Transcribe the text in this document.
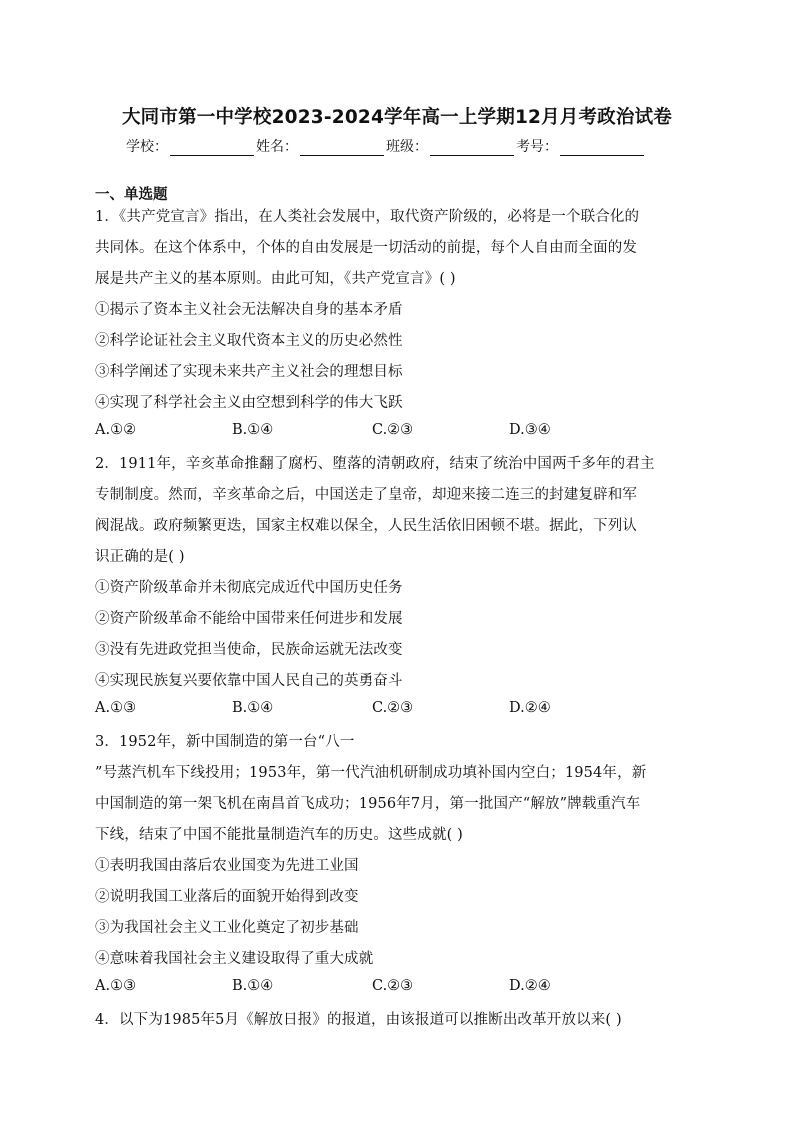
大同市第一中学校2023-2024学年高一上学期12月月考政治试卷
学校：	姓名：	班级：	考号：
一、单选题
1．《共产党宣言》指出，在人类社会发展中，取代资产阶级的，必将是一个联合化的
共同体。在这个体系中，个体的自由发展是一切活动的前提，每个人自由而全面的发
展是共产主义的基本原则。由此可知，《共产党宣言》( )
①揭示了资本主义社会无法解决自身的基本矛盾
②科学论证社会主义取代资本主义的历史必然性
③科学阐述了实现未来共产主义社会的理想目标
④实现了科学社会主义由空想到科学的伟大飞跃
A.①②	B.①④	C.②③	D.③④
2．1911年，辛亥革命推翻了腐朽、堕落的清朝政府，结束了统治中国两千多年的君主
专制制度。然而，辛亥革命之后，中国送走了皇帝，却迎来接二连三的封建复辟和军
阀混战。政府频繁更迭，国家主权难以保全，人民生活依旧困顿不堪。据此，下列认
识正确的是( )
①资产阶级革命并未彻底完成近代中国历史任务
②资产阶级革命不能给中国带来任何进步和发展
③没有先进政党担当使命，民族命运就无法改变
④实现民族复兴要依靠中国人民自己的英勇奋斗
A.①③	B.①④	C.②③	D.②④
3．1952年，新中国制造的第一台“八一
”号蒸汽机车下线投用；1953年，第一代汽油机研制成功填补国内空白；1954年，新
中国制造的第一架飞机在南昌首飞成功；1956年7月，第一批国产“解放”牌载重汽车
下线，结束了中国不能批量制造汽车的历史。这些成就( )
①表明我国由落后农业国变为先进工业国
②说明我国工业落后的面貌开始得到改变
③为我国社会主义工业化奠定了初步基础
④意味着我国社会主义建设取得了重大成就
A.①③	B.①④	C.②③	D.②④
4．以下为1985年5月《解放日报》的报道，由该报道可以推断出改革开放以来( )
